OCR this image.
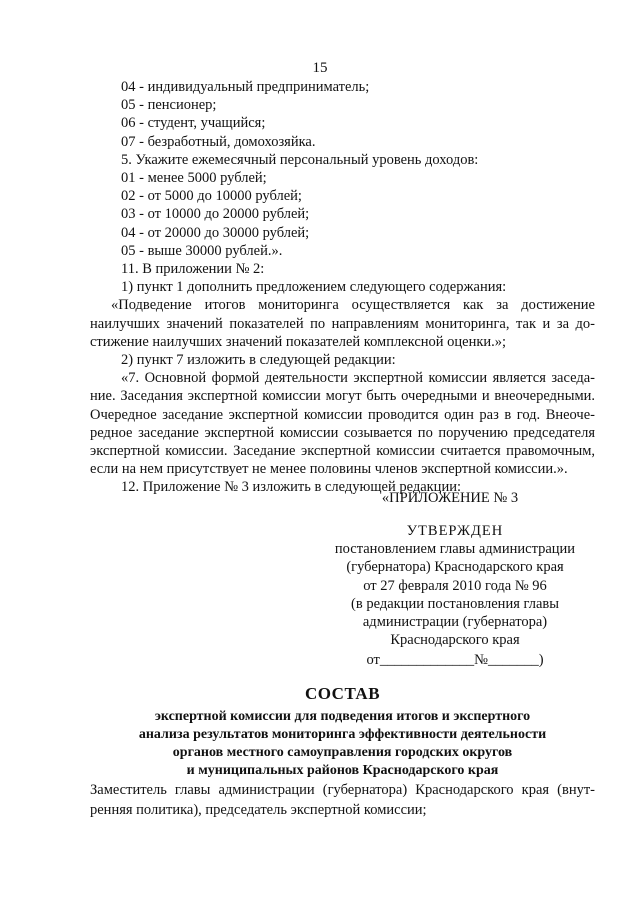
15
04 - индивидуальный предприниматель;
05 - пенсионер;
06 - студент, учащийся;
07 - безработный, домохозяйка.
5. Укажите ежемесячный персональный уровень доходов:
01 - менее 5000 рублей;
02 - от 5000 до 10000 рублей;
03 - от 10000 до 20000 рублей;
04 - от 20000 до 30000 рублей;
05 - выше 30000 рублей.».
11. В приложении № 2:
1) пункт 1 дополнить предложением следующего содержания:
«Подведение итогов мониторинга осуществляется как за достижение
наилучших значений показателей по направлениям мониторинга, так и за до-
стижение наилучших значений показателей комплексной оценки.»;
2) пункт 7 изложить в следующей редакции:
«7. Основной формой деятельности экспертной комиссии является заседа-
ние. Заседания экспертной комиссии могут быть очередными и внеочередными.
Очередное заседание экспертной комиссии проводится один раз в год. Внеоче-
редное заседание экспертной комиссии созывается по поручению председателя
экспертной комиссии. Заседание экспертной комиссии считается правомочным,
если на нем присутствует не менее половины членов экспертной комиссии.».
12. Приложение № 3 изложить в следующей редакции:
«ПРИЛОЖЕНИЕ № 3
УТВЕРЖДЕН
постановлением главы администрации
(губернатора) Краснодарского края
от 27 февраля 2010 года № 96
(в редакции постановления главы
администрации (губернатора)
Краснодарского края
от_____________№_______)
СОСТАВ
экспертной комиссии для подведения итогов и экспертного
анализа результатов мониторинга эффективности деятельности
органов местного самоуправления городских округов
и муниципальных районов Краснодарского края
Заместитель главы администрации (губернатора) Краснодарского края (внут-
ренняя политика), председатель экспертной комиссии;
